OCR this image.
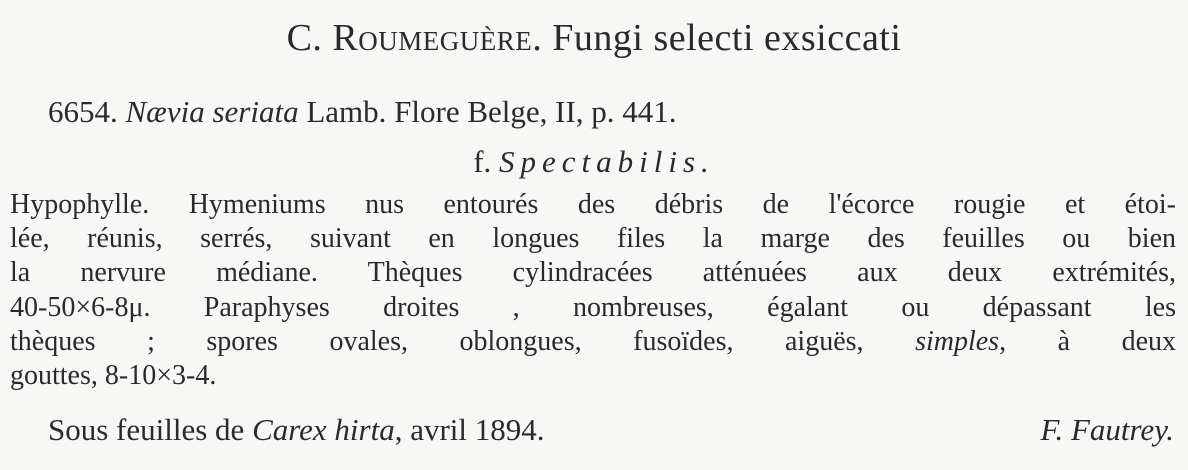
C. Roumeguère. Fungi selecti exsiccati
6654. Nævia seriata Lamb. Flore Belge, II, p. 441.
f. Spectabilis.
Hypophylle. Hymeniums nus entourés des débris de l'écorce rougie et étoi-
lée, réunis, serrés, suivant en longues files la marge des feuilles ou bien
la nervure médiane. Thèques cylindracées atténuées aux deux extrémités,
40-50×6-8μ. Paraphyses droites , nombreuses, égalant ou dépassant les
thèques ; spores ovales, oblongues, fusoïdes, aiguës, simples, à deux
gouttes, 8-10×3-4.
Sous feuilles de Carex hirta, avril 1894.	F. Fautrey.
